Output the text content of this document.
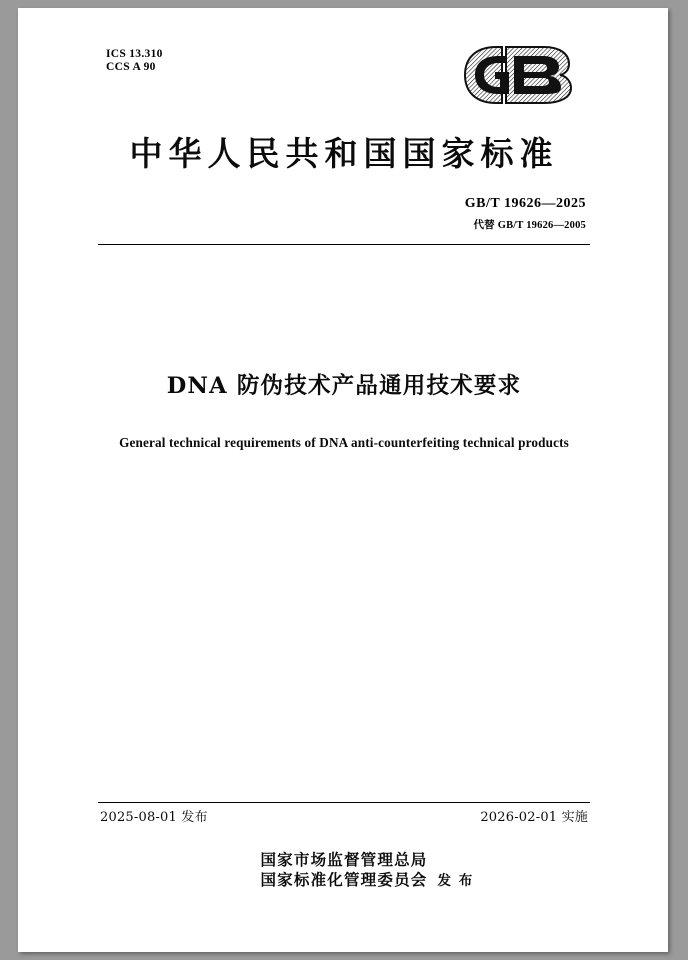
ICS 13.310
CCS A 90
中华人民共和国国家标准
GB/T 19626—2025
代替 GB/T 19626—2005
DNA 防伪技术产品通用技术要求
General technical requirements of DNA anti-counterfeiting technical products
2025-08-01 发布	2026-02-01 实施
国家市场监督管理总局
国家标准化管理委员会 发 布
